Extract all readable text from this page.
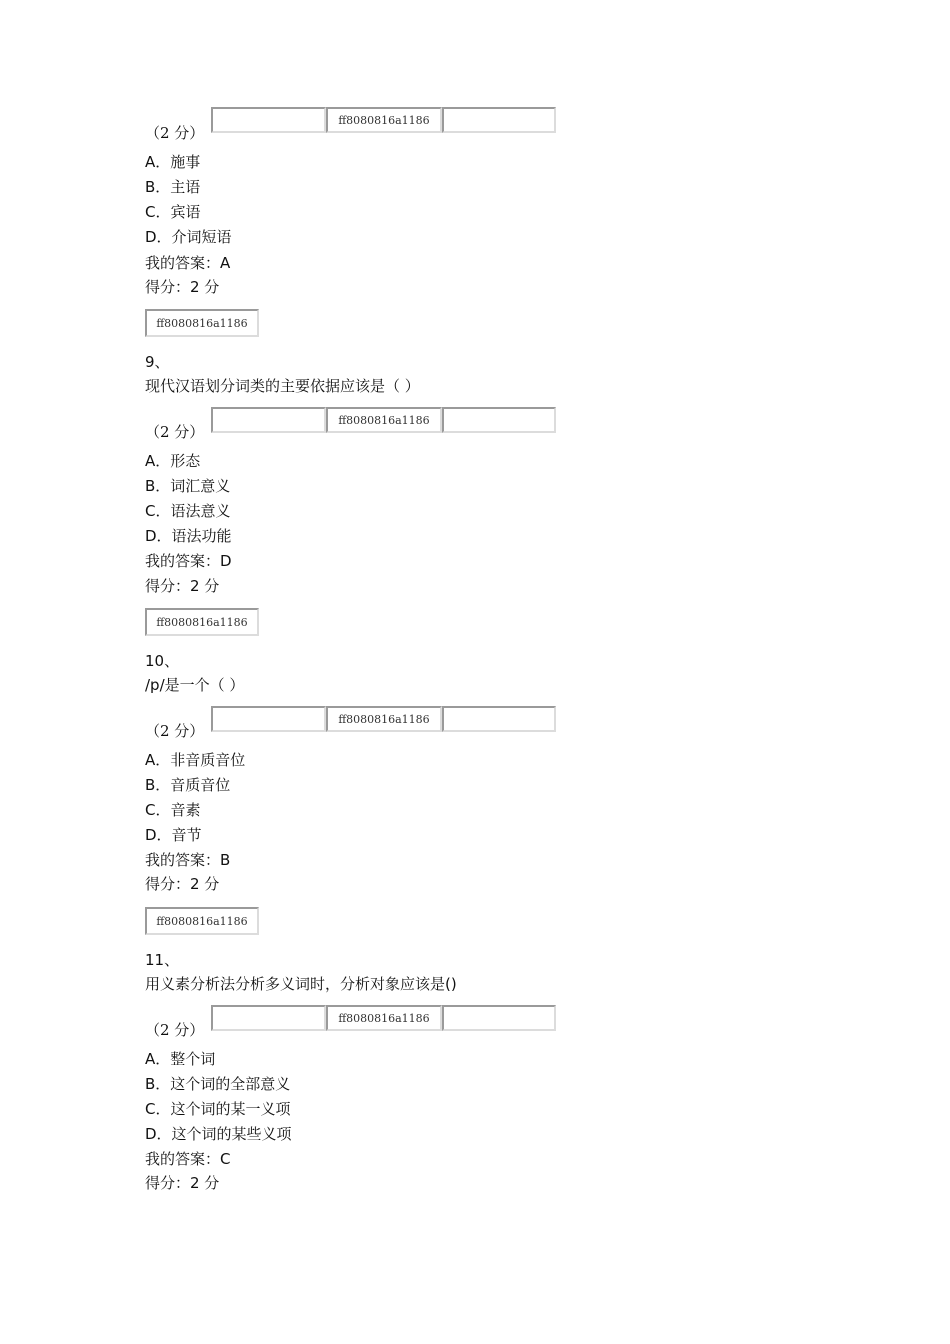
ff8080816a1186
（2 分）
A．施事
B．主语
C．宾语
D．介词短语
我的答案：A
得分：2 分
ff8080816a1186
9、
现代汉语划分词类的主要依据应该是（ ）
ff8080816a1186
（2 分）
A．形态
B．词汇意义
C．语法意义
D．语法功能
我的答案：D
得分：2 分
ff8080816a1186
10、
/p/是一个（ ）
ff8080816a1186
（2 分）
A．非音质音位
B．音质音位
C．音素
D．音节
我的答案：B
得分：2 分
ff8080816a1186
11、
用义素分析法分析多义词时，分析对象应该是()
ff8080816a1186
（2 分）
A．整个词
B．这个词的全部意义
C．这个词的某一义项
D．这个词的某些义项
我的答案：C
得分：2 分
